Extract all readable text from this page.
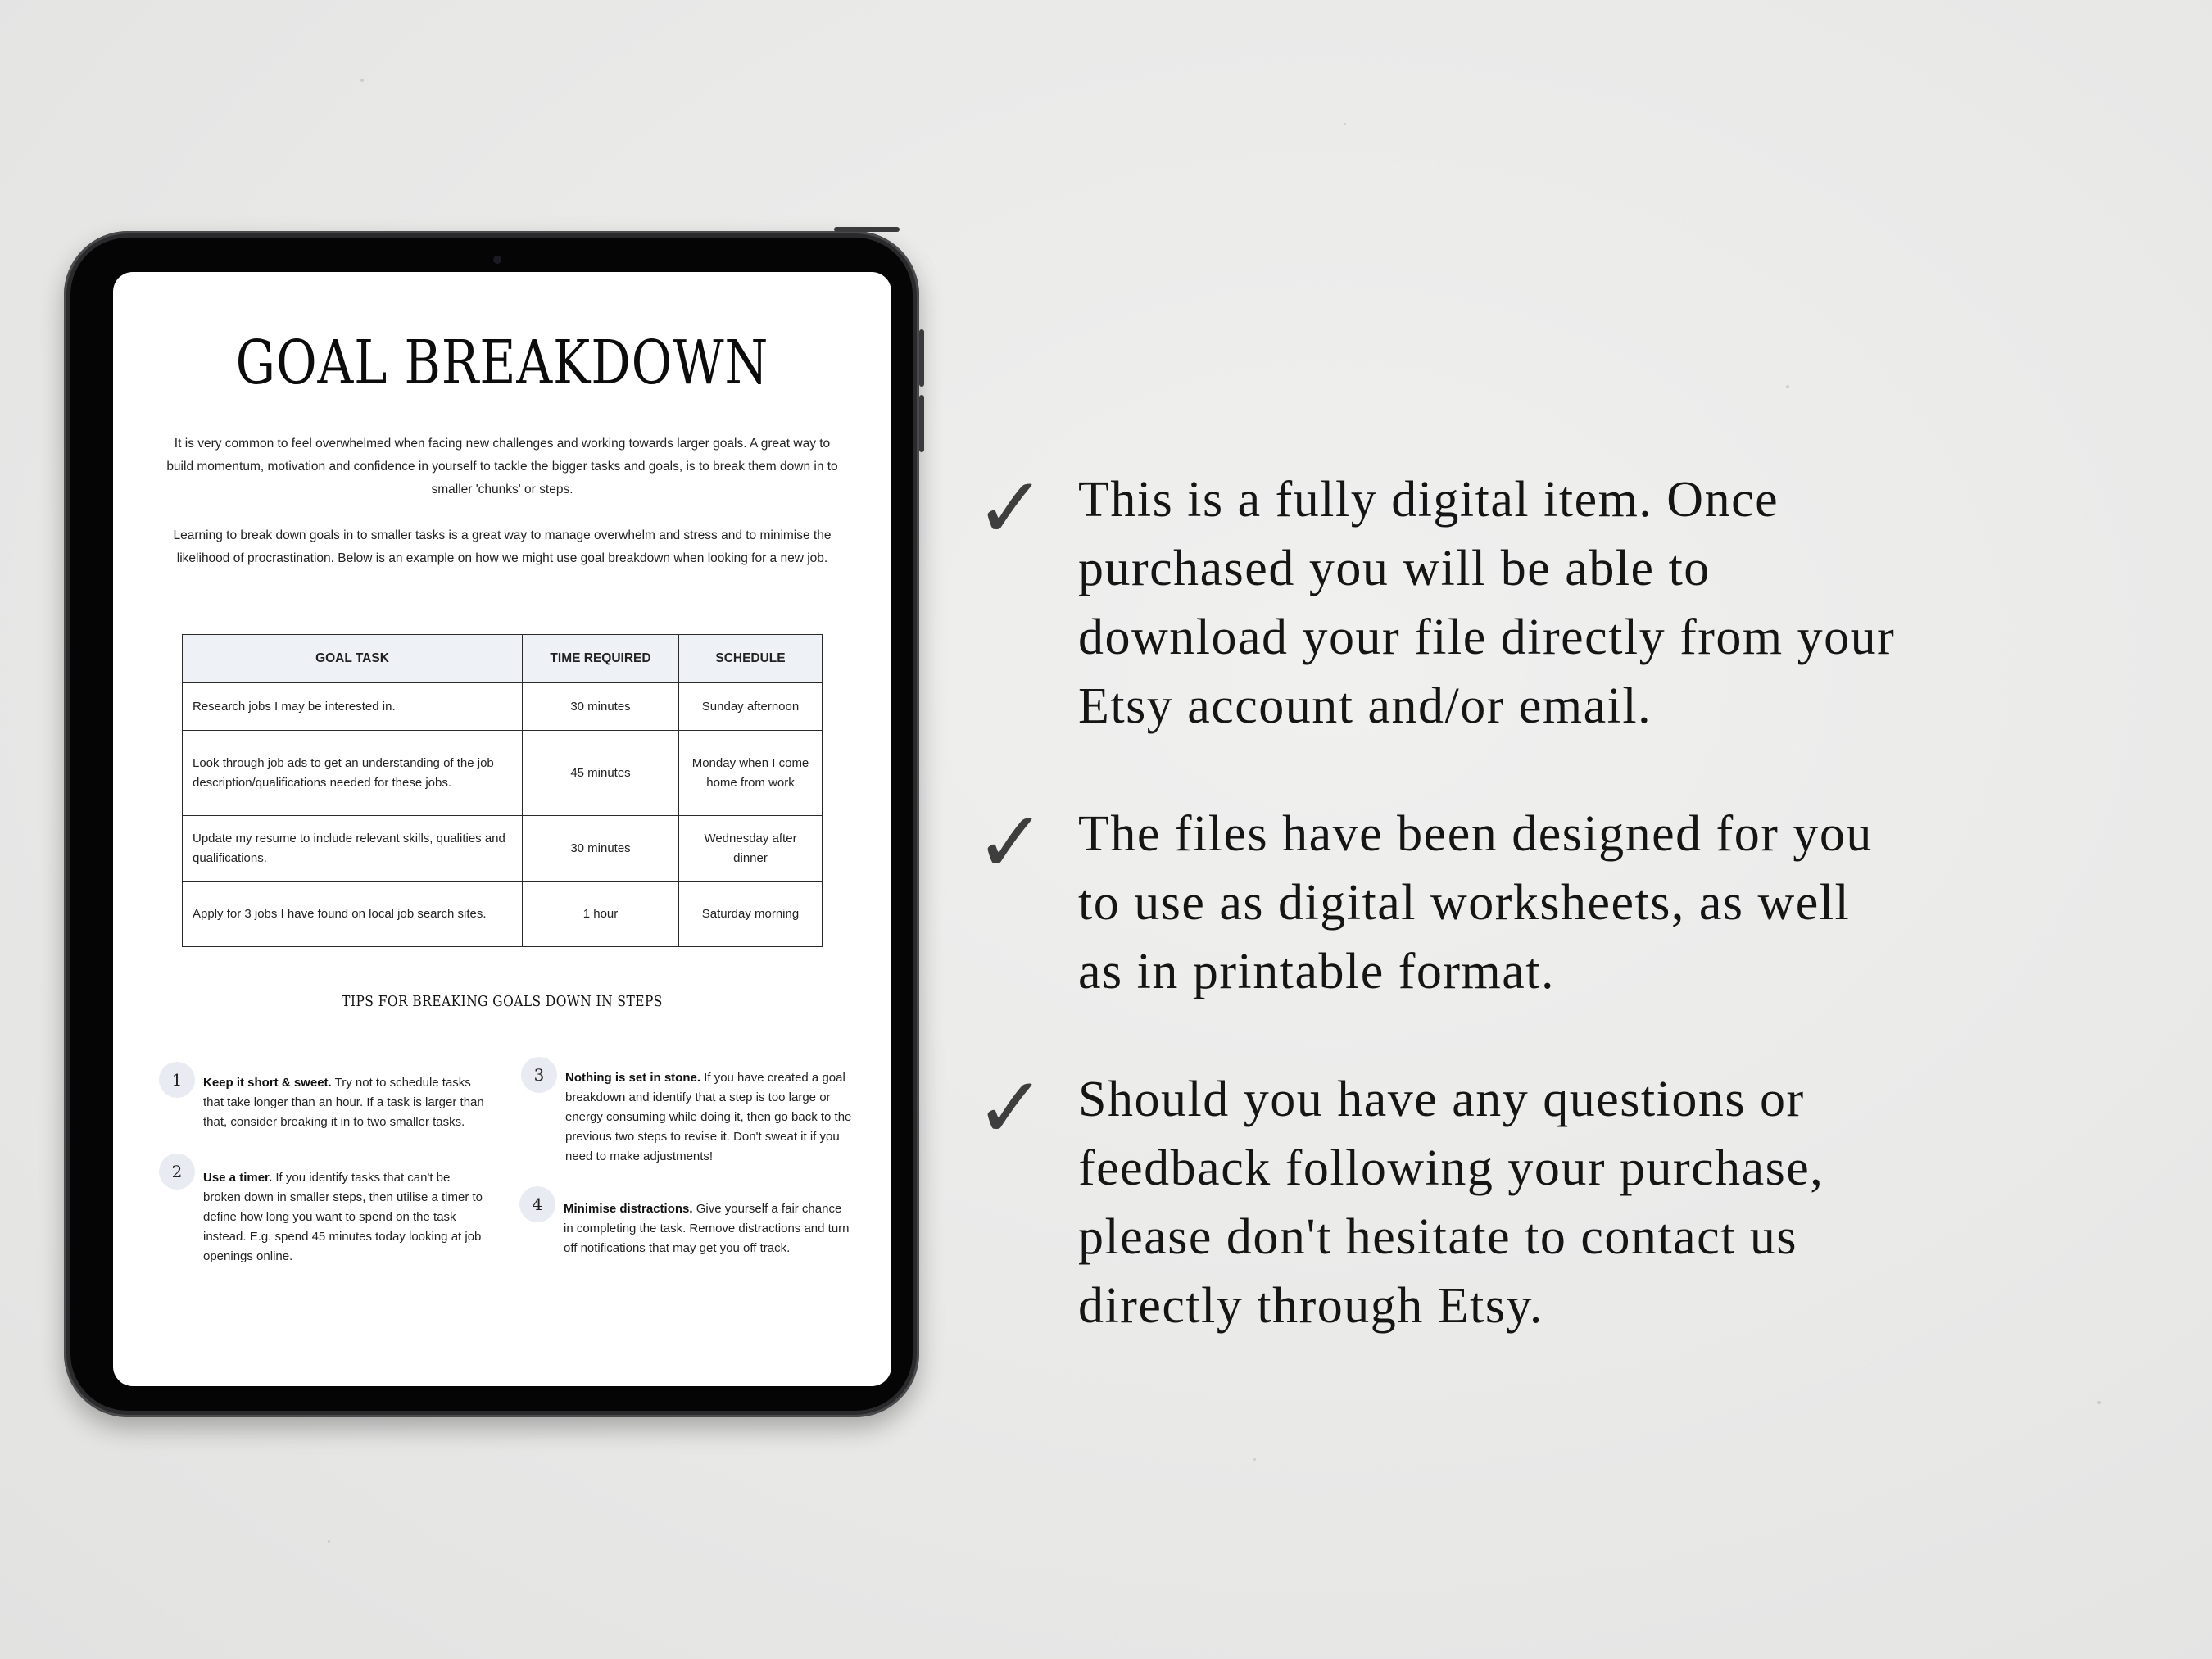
GOAL BREAKDOWN
It is very common to feel overwhelmed when facing new challenges and working towards larger goals. A great way to build momentum, motivation and confidence in yourself to tackle the bigger tasks and goals, is to break them down in to smaller 'chunks' or steps.
Learning to break down goals in to smaller tasks is a great way to manage overwhelm and stress and to minimise the likelihood of procrastination. Below is an example on how we might use goal breakdown when looking for a new job.
GOAL TASK	TIME REQUIRED	SCHEDULE
Research jobs I may be interested in.	30 minutes	Sunday afternoon
Look through job ads to get an understanding of the job description/qualifications needed for these jobs.	45 minutes	Monday when I come home from work
Update my resume to include relevant skills, qualities and qualifications.	30 minutes	Wednesday after dinner
Apply for 3 jobs I have found on local job search sites.	1 hour	Saturday morning
TIPS FOR BREAKING GOALS DOWN IN STEPS
1	Keep it short & sweet. Try not to schedule tasks that take longer than an hour. If a task is larger than that, consider breaking it in to two smaller tasks.
2	Use a timer. If you identify tasks that can't be broken down in smaller steps, then utilise a timer to define how long you want to spend on the task instead. E.g. spend 45 minutes today looking at job openings online.
3	Nothing is set in stone. If you have created a goal breakdown and identify that a step is too large or energy consuming while doing it, then go back to the previous two steps to revise it. Don't sweat it if you need to make adjustments!
4	Minimise distractions. Give yourself a fair chance in completing the task. Remove distractions and turn off notifications that may get you off track.
✓ This is a fully digital item. Once
purchased you will be able to
download your file directly from your
Etsy account and/or email.
✓ The files have been designed for you
to use as digital worksheets, as well
as in printable format.
✓ Should you have any questions or
feedback following your purchase,
please don't hesitate to contact us
directly through Etsy.
